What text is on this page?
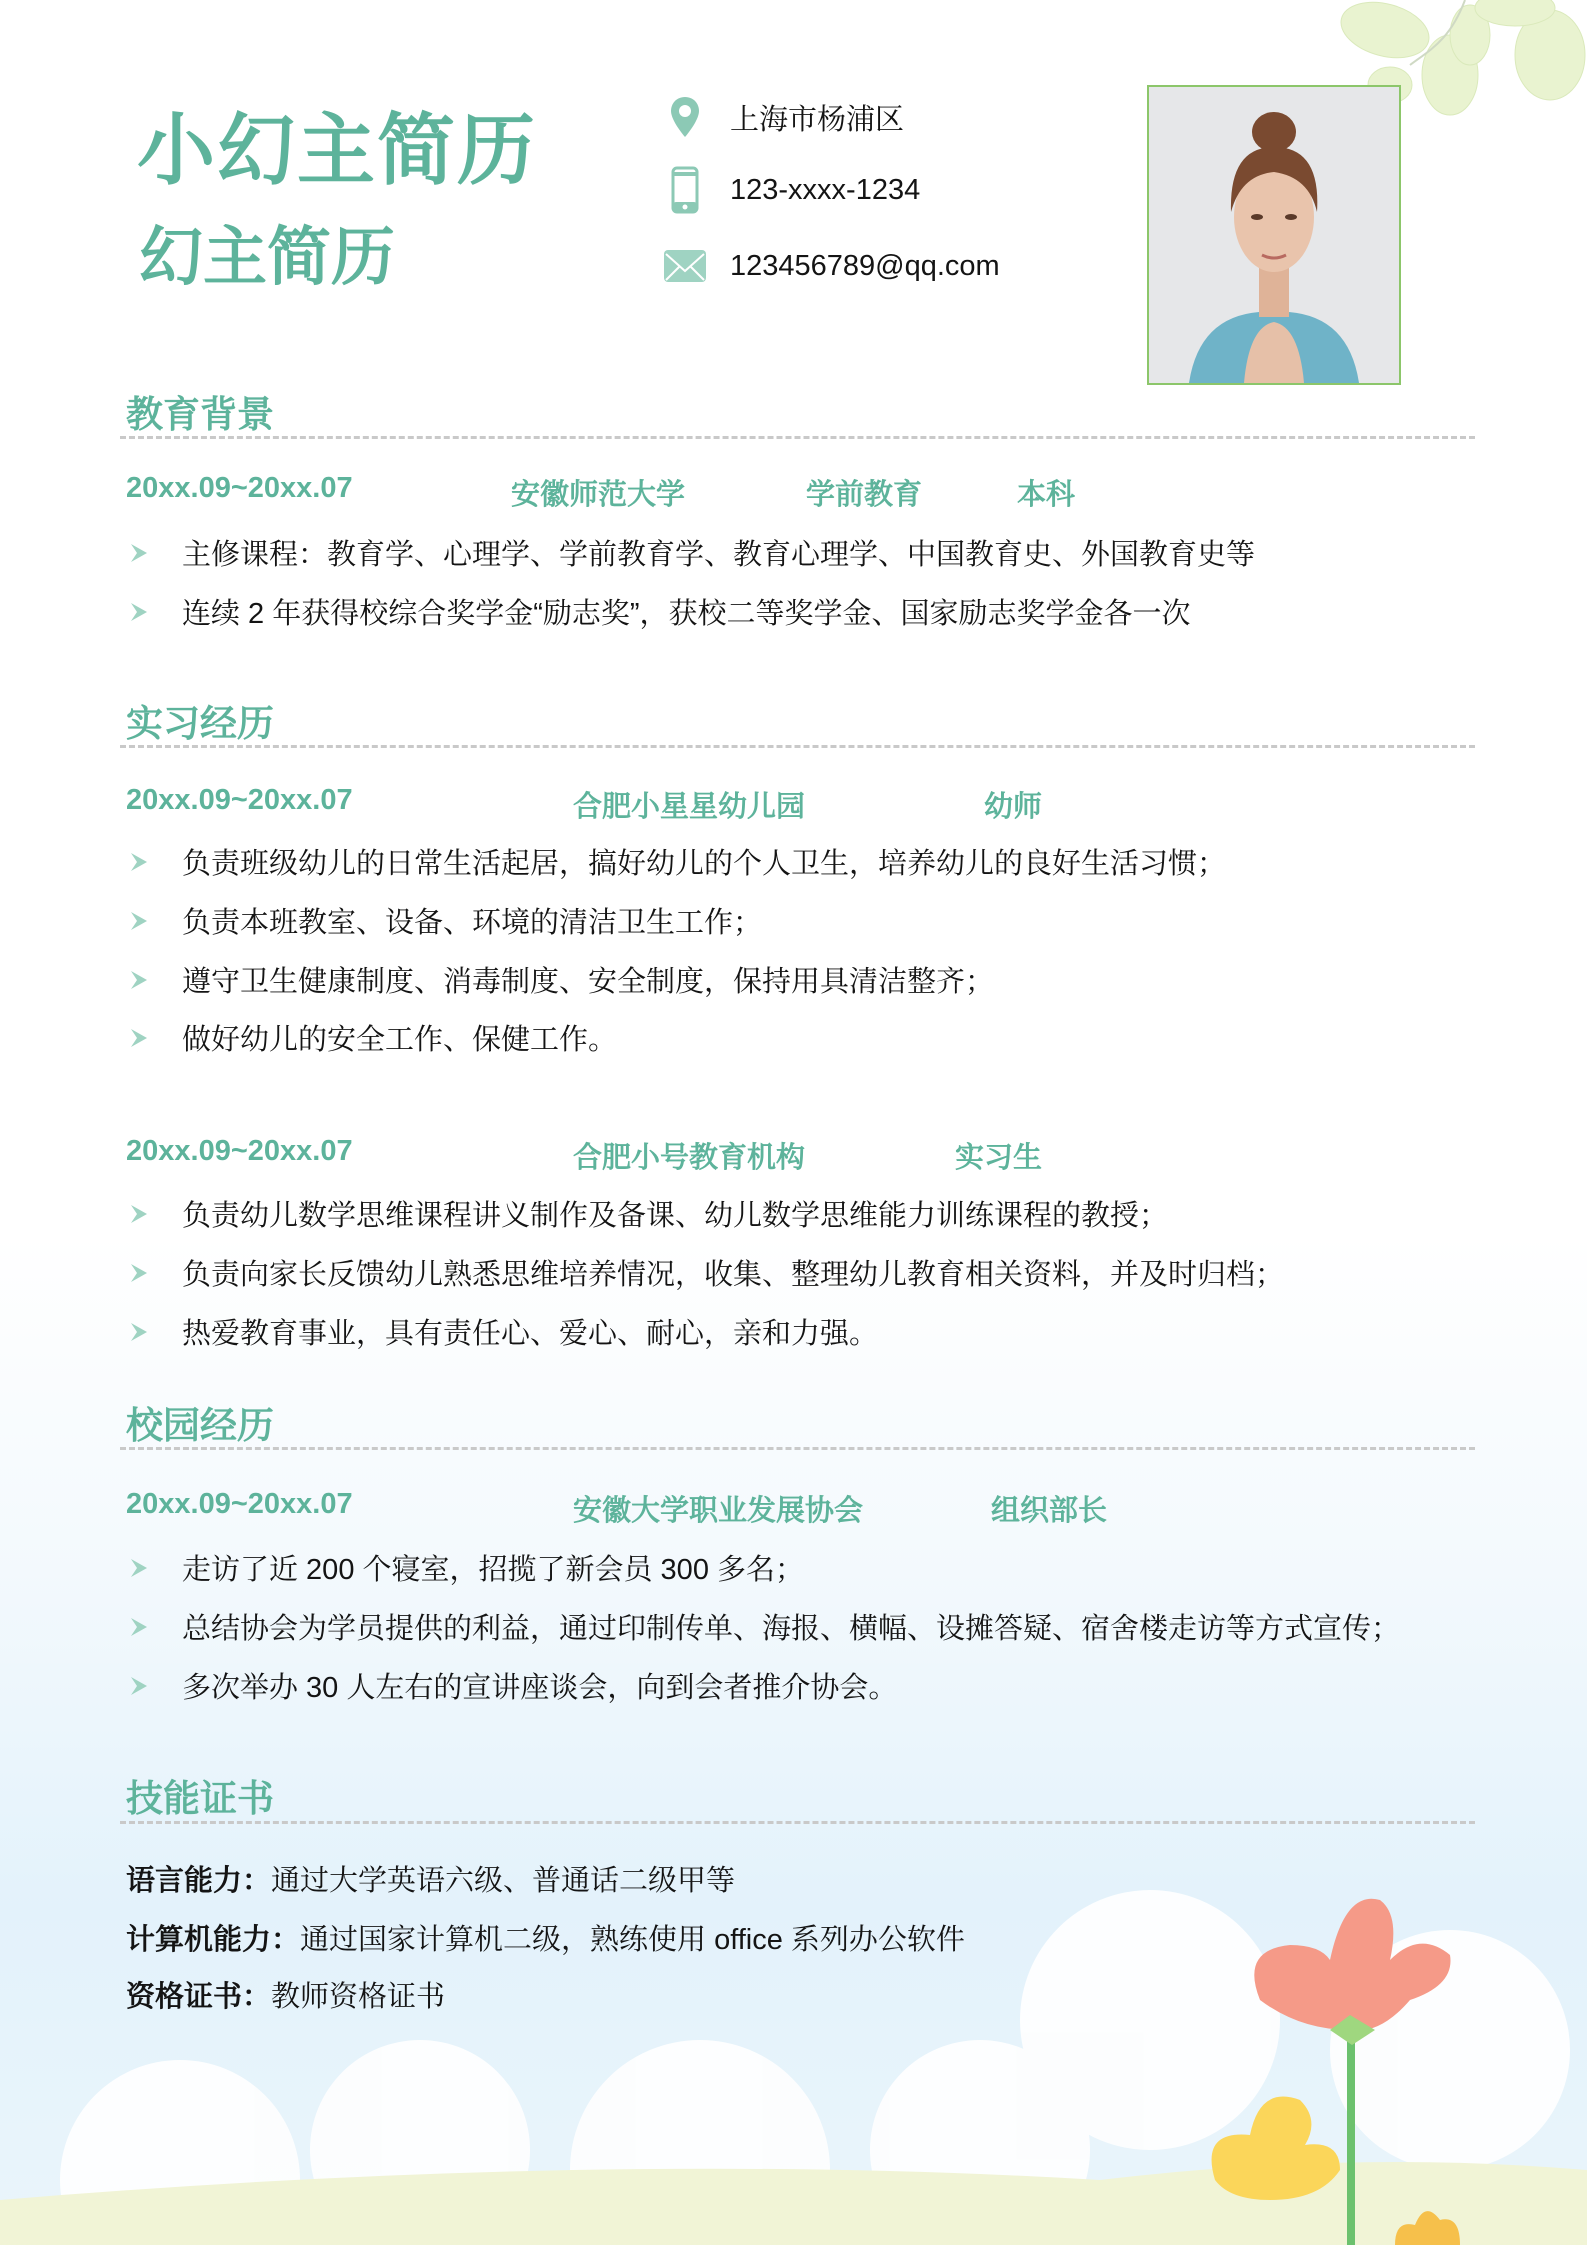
小幻主简历
幻主简历
上海市杨浦区
123-xxxx-1234
123456789@qq.com
教育背景
20xx.09~20xx.07	安徽师范大学	学前教育	本科
主修课程：教育学、心理学、学前教育学、教育心理学、中国教育史、外国教育史等
连续 2 年获得校综合奖学金“励志奖”，获校二等奖学金、国家励志奖学金各一次
实习经历
20xx.09~20xx.07	合肥小星星幼儿园	幼师
负责班级幼儿的日常生活起居，搞好幼儿的个人卫生，培养幼儿的良好生活习惯；
负责本班教室、设备、环境的清洁卫生工作；
遵守卫生健康制度、消毒制度、安全制度，保持用具清洁整齐；
做好幼儿的安全工作、保健工作。
20xx.09~20xx.07	合肥小号教育机构	实习生
负责幼儿数学思维课程讲义制作及备课、幼儿数学思维能力训练课程的教授；
负责向家长反馈幼儿熟悉思维培养情况，收集、整理幼儿教育相关资料，并及时归档；
热爱教育事业，具有责任心、爱心、耐心，亲和力强。
校园经历
20xx.09~20xx.07	安徽大学职业发展协会	组织部长
走访了近 200 个寝室，招揽了新会员 300 多名；
总结协会为学员提供的利益，通过印制传单、海报、横幅、设摊答疑、宿舍楼走访等方式宣传；
多次举办 30 人左右的宣讲座谈会，向到会者推介协会。
技能证书
语言能力：通过大学英语六级、普通话二级甲等
计算机能力：通过国家计算机二级，熟练使用 office 系列办公软件
资格证书：教师资格证书
